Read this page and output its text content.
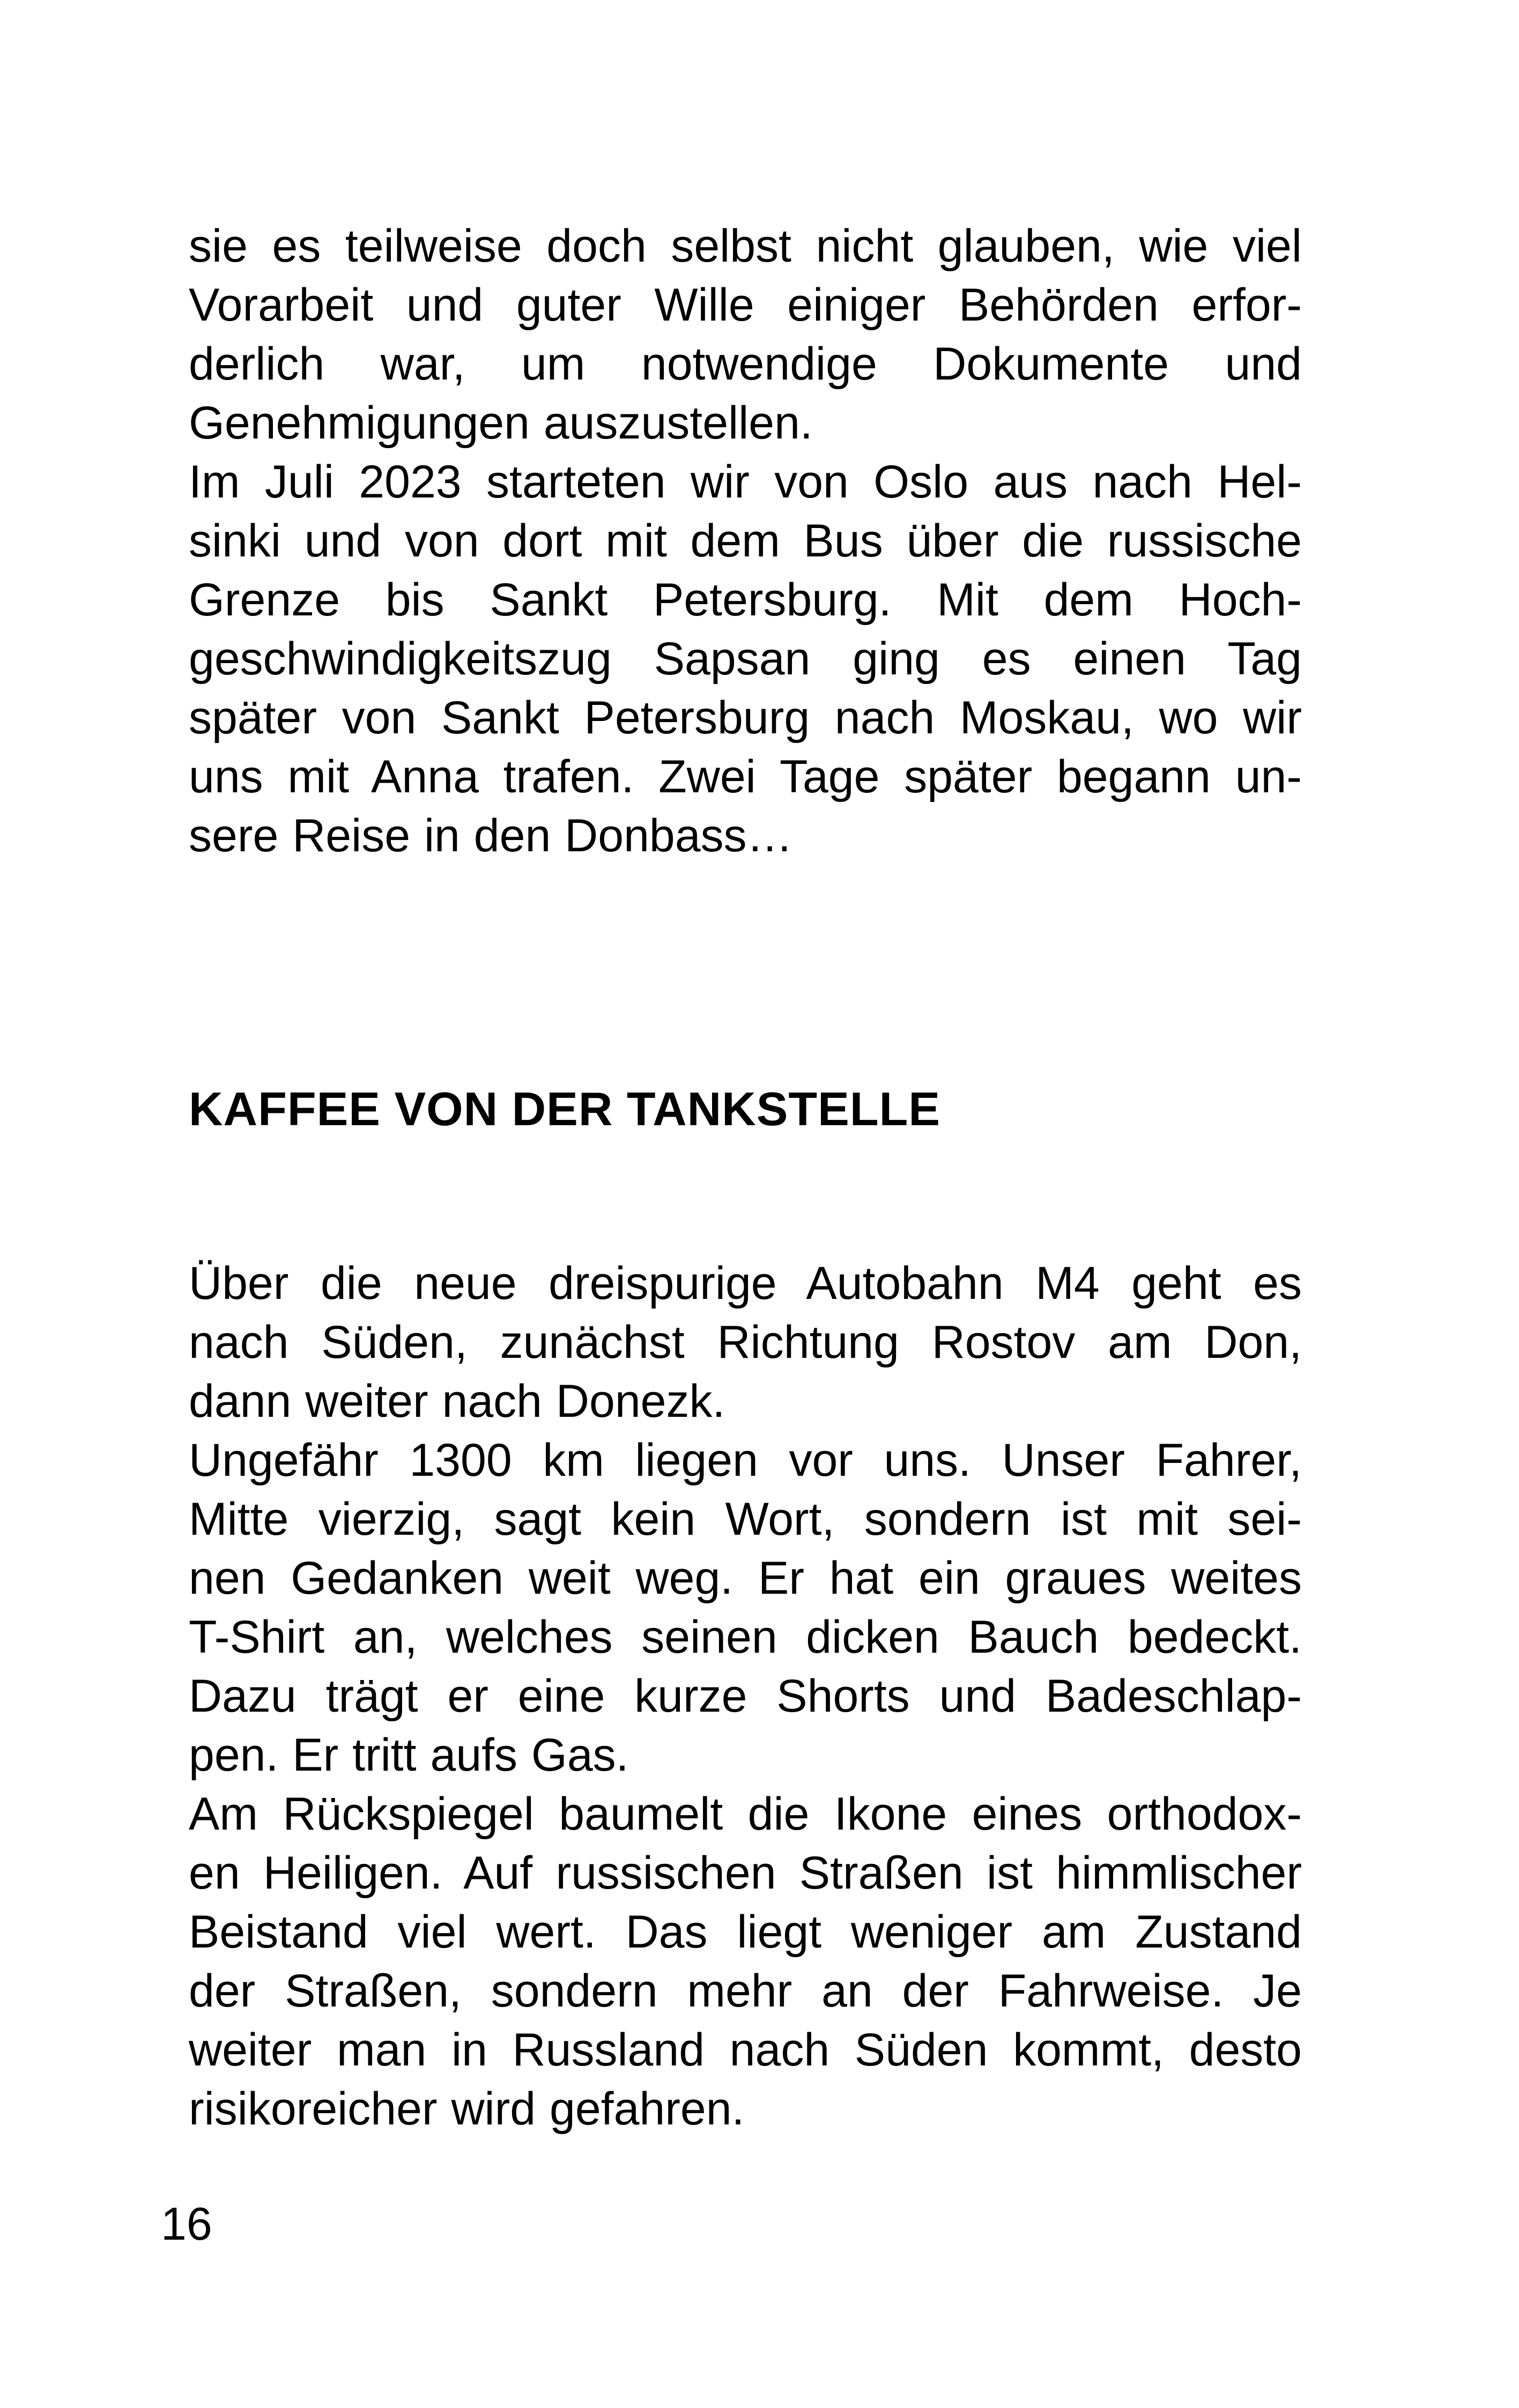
sie es teilweise doch selbst nicht glauben, wie viel
Vorarbeit und guter Wille einiger Behörden erfor-
derlich war, um notwendige Dokumente und
Genehmigungen auszustellen.
Im Juli 2023 starteten wir von Oslo aus nach Hel-
sinki und von dort mit dem Bus über die russische
Grenze bis Sankt Petersburg. Mit dem Hoch-
geschwindigkeitszug Sapsan ging es einen Tag
später von Sankt Petersburg nach Moskau, wo wir
uns mit Anna trafen. Zwei Tage später begann un-
sere Reise in den Donbass…
KAFFEE VON DER TANKSTELLE
Über die neue dreispurige Autobahn M4 geht es
nach Süden, zunächst Richtung Rostov am Don,
dann weiter nach Donezk.
Ungefähr 1300 km liegen vor uns. Unser Fahrer,
Mitte vierzig, sagt kein Wort, sondern ist mit sei-
nen Gedanken weit weg. Er hat ein graues weites
T-Shirt an, welches seinen dicken Bauch bedeckt.
Dazu trägt er eine kurze Shorts und Badeschlap-
pen. Er tritt aufs Gas.
Am Rückspiegel baumelt die Ikone eines orthodox-
en Heiligen. Auf russischen Straßen ist himmlischer
Beistand viel wert. Das liegt weniger am Zustand
der Straßen, sondern mehr an der Fahrweise. Je
weiter man in Russland nach Süden kommt, desto
risikoreicher wird gefahren.
16
